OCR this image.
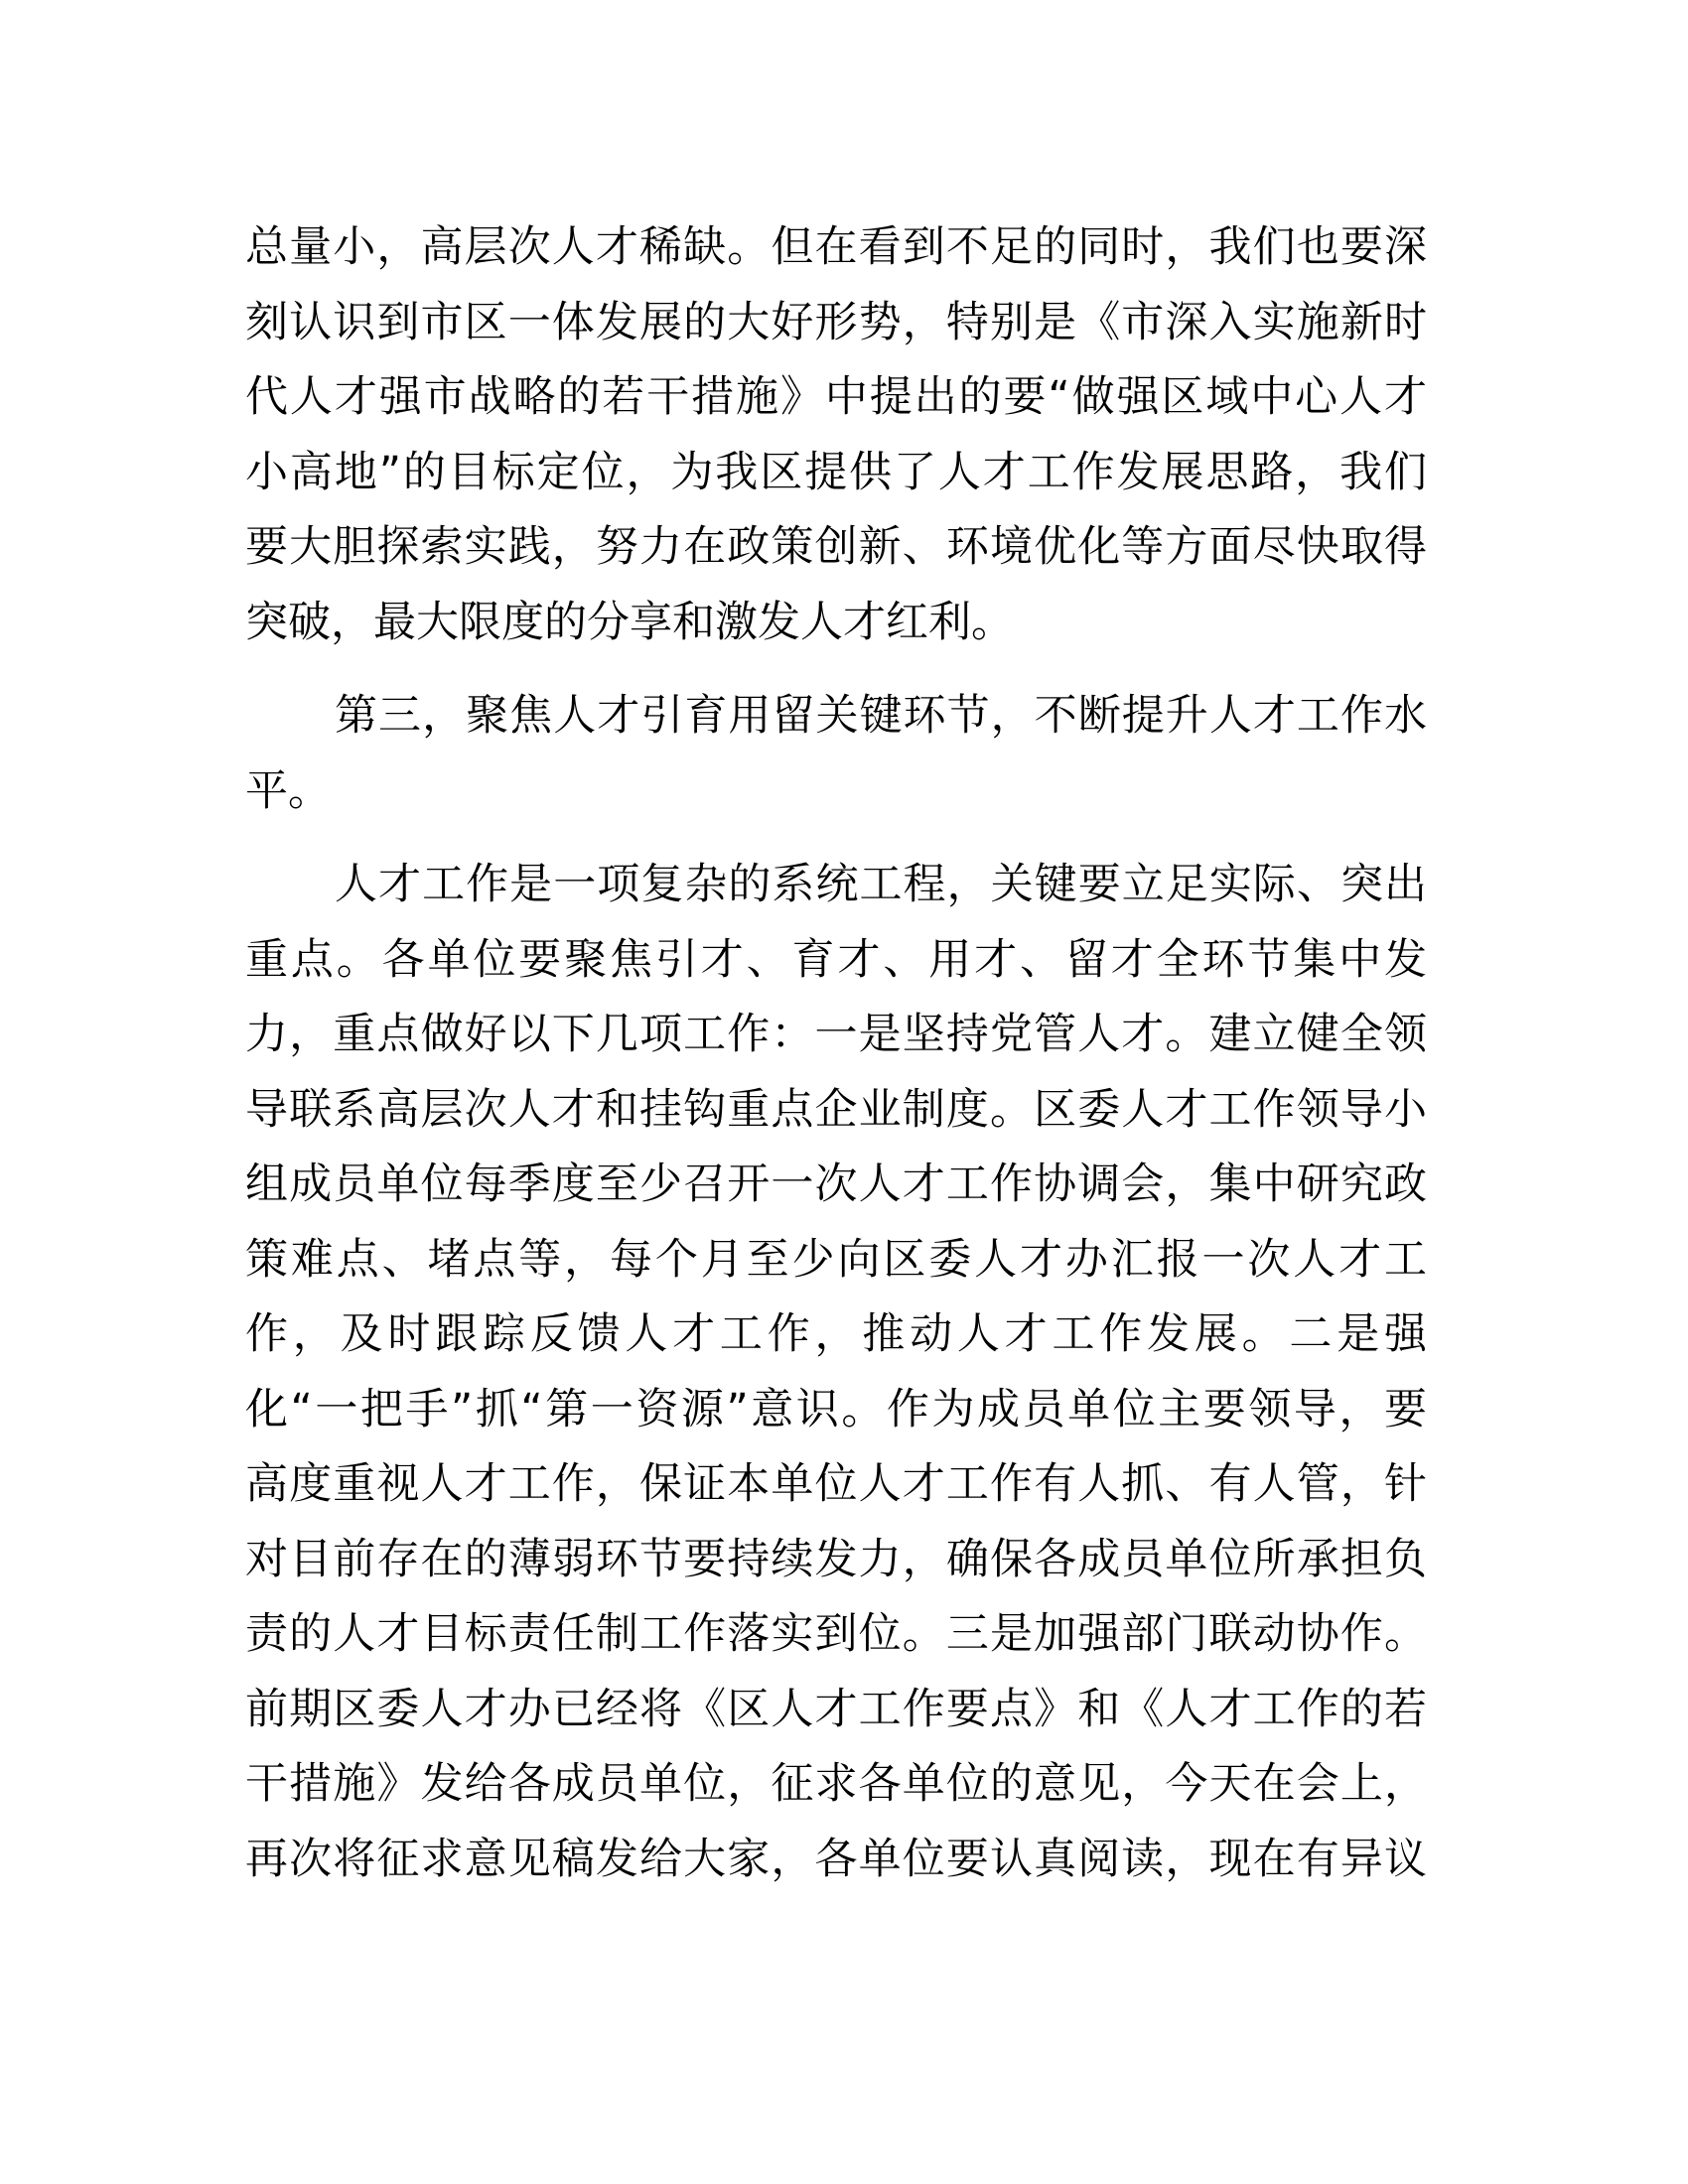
总量小，高层次人才稀缺。但在看到不足的同时，我们也要深
刻认识到市区一体发展的大好形势，特别是《市深入实施新时
代人才强市战略的若干措施》中提出的要“做强区域中心人才
小高地”的目标定位，为我区提供了人才工作发展思路，我们
要大胆探索实践，努力在政策创新、环境优化等方面尽快取得
突破，最大限度的分享和激发人才红利。
第三，聚焦人才引育用留关键环节，不断提升人才工作水
平。
人才工作是一项复杂的系统工程，关键要立足实际、突出
重点。各单位要聚焦引才、育才、用才、留才全环节集中发
力，重点做好以下几项工作：一是坚持党管人才。建立健全领
导联系高层次人才和挂钩重点企业制度。区委人才工作领导小
组成员单位每季度至少召开一次人才工作协调会，集中研究政
策难点、堵点等，每个月至少向区委人才办汇报一次人才工
作，及时跟踪反馈人才工作，推动人才工作发展。二是强
化“一把手”抓“第一资源”意识。作为成员单位主要领导，要
高度重视人才工作，保证本单位人才工作有人抓、有人管，针
对目前存在的薄弱环节要持续发力，确保各成员单位所承担负
责的人才目标责任制工作落实到位。三是加强部门联动协作。
前期区委人才办已经将《区人才工作要点》和《人才工作的若
干措施》发给各成员单位，征求各单位的意见，今天在会上，
再次将征求意见稿发给大家，各单位要认真阅读，现在有异议
